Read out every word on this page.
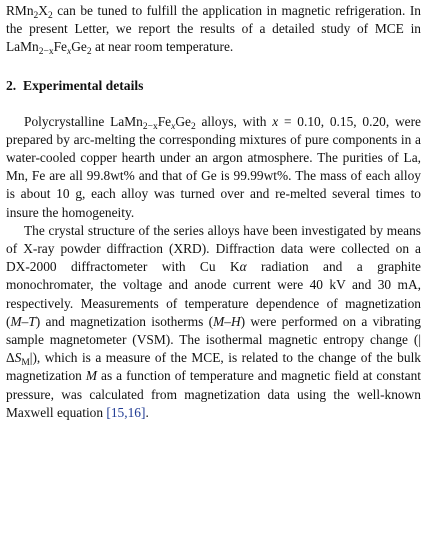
$RMn_2X_2$ can be tuned to fulfill the application in magnetic refrigeration. In the present Letter, we report the results of a detailed study of MCE in $LaMn_{2-x}Fe_xGe_2$ at near room temperature.

2. Experimental details

Polycrystalline $LaMn_{2-x}Fe_xGe_2$ alloys, with x = 0.10, 0.15, 0.20, were prepared by arc-melting the corresponding mixtures of pure components in a water-cooled copper hearth under an argon atmosphere. The purities of La, Mn, Fe are all 99.8wt% and that of Ge is 99.99wt%. The mass of each alloy is about 10 g, each alloy was turned over and re-melted several times to insure the homogeneity.

The crystal structure of the series alloys have been investigated by means of X-ray powder diffraction (XRD). Diffraction data were collected on a DX-2000 diffractometer with Cu Kα radiation and a graphite monochromater, the voltage and anode current were 40 kV and 30 mA, respectively. Measurements of temperature dependence of magnetization (M–T) and magnetization isotherms (M–H) were performed on a vibrating sample magnetometer (VSM). The isothermal magnetic entropy change $(|\Delta S_M|)$, which is a measure of the MCE, is related to the change of the bulk magnetization M as a function of temperature and magnetic field at constant pressure, was calculated from magnetization data using the well-known Maxwell equation [15,16].
